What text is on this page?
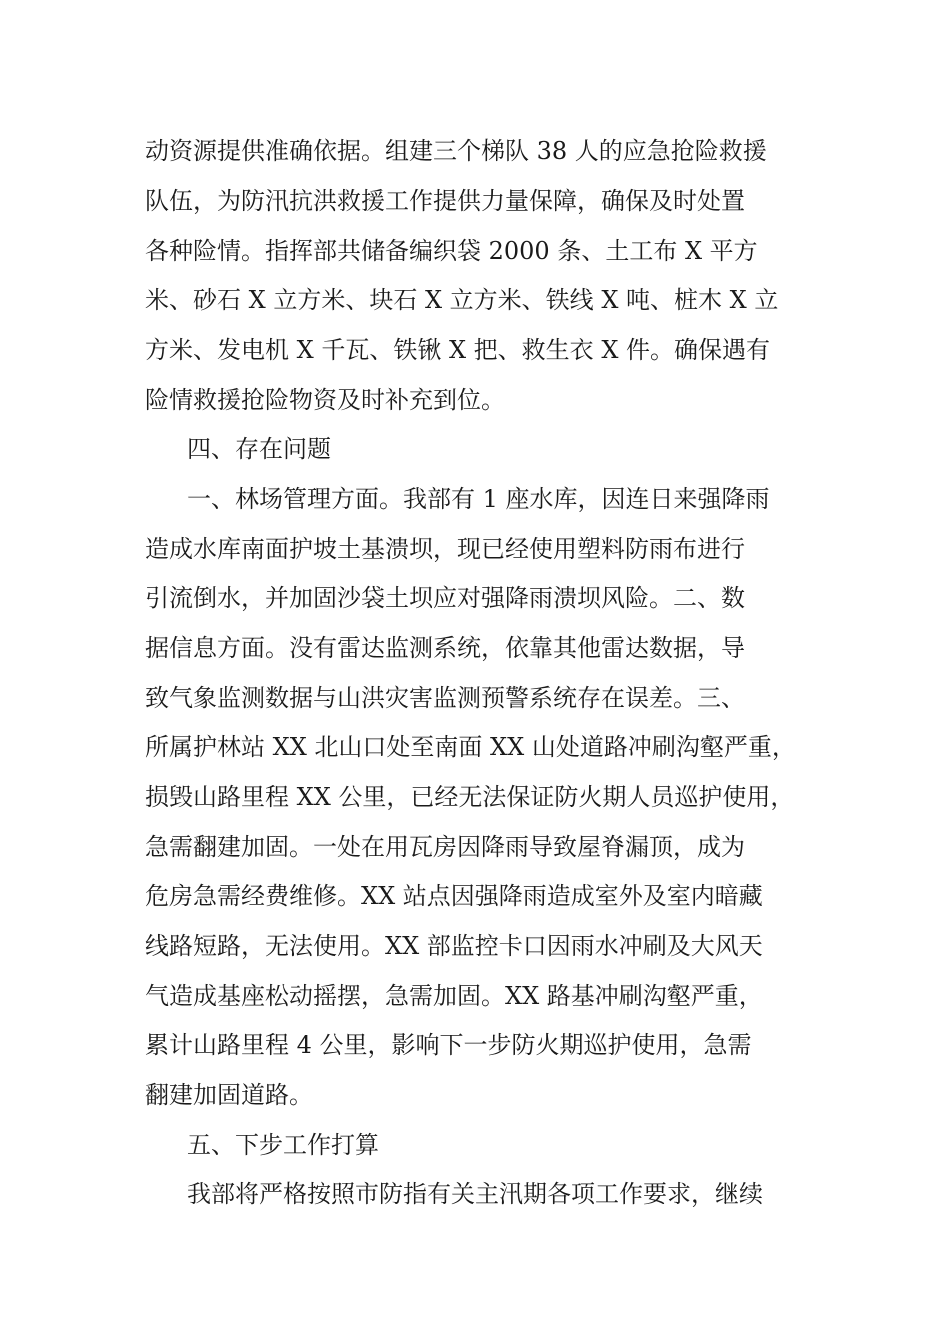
动资源提供准确依据。组建三个梯队 38 人的应急抢险救援
队伍，为防汛抗洪救援工作提供力量保障，确保及时处置
各种险情。指挥部共储备编织袋 2000 条、土工布 X 平方
米、砂石 X 立方米、块石 X 立方米、铁线 X 吨、桩木 X 立
方米、发电机 X 千瓦、铁锹 X 把、救生衣 X 件。确保遇有
险情救援抢险物资及时补充到位。
四、存在问题
一、林场管理方面。我部有 1 座水库，因连日来强降雨
造成水库南面护坡土基溃坝，现已经使用塑料防雨布进行
引流倒水，并加固沙袋土坝应对强降雨溃坝风险。二、数
据信息方面。没有雷达监测系统，依靠其他雷达数据，导
致气象监测数据与山洪灾害监测预警系统存在误差。三、
所属护林站 XX 北山口处至南面 XX 山处道路冲刷沟壑严重，
损毁山路里程 XX 公里，已经无法保证防火期人员巡护使用，
急需翻建加固。一处在用瓦房因降雨导致屋脊漏顶，成为
危房急需经费维修。XX 站点因强降雨造成室外及室内暗藏
线路短路，无法使用。XX 部监控卡口因雨水冲刷及大风天
气造成基座松动摇摆，急需加固。XX 路基冲刷沟壑严重，
累计山路里程 4 公里，影响下一步防火期巡护使用，急需
翻建加固道路。
五、下步工作打算
我部将严格按照市防指有关主汛期各项工作要求，继续
